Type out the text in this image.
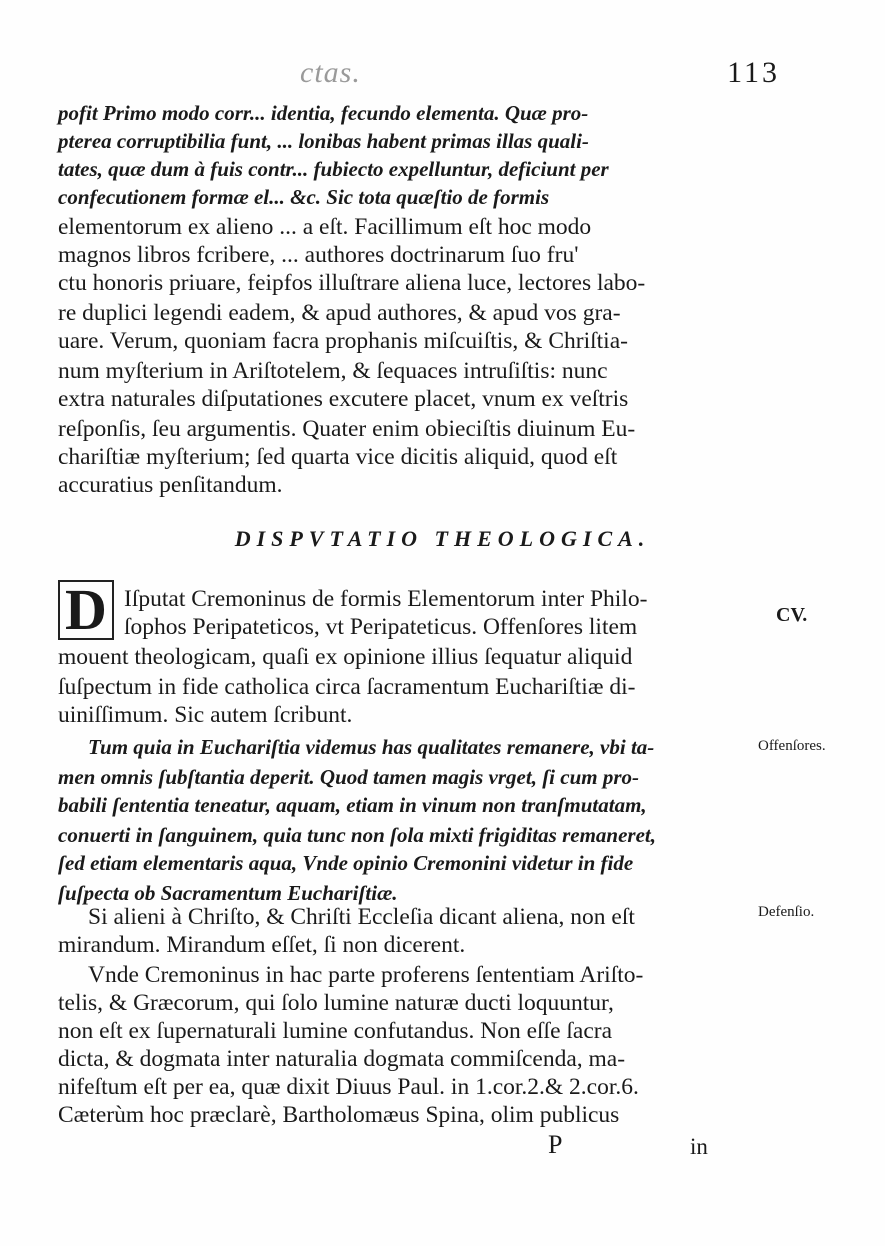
ctas.	113
pofit Primo modo corr... identia, fecundo elementa. Quæ pro-
pterea corruptibilia funt, ... lonibas habent primas illas quali-
tates, quæ dum à fuis contr... fubiecto expelluntur, deficiunt per
confecutionem formæ el... &c. Sic tota quæſtio de formis
elementorum ex alieno ... a eſt. Facillimum eſt hoc modo
magnos libros fcribere, ... authores doctrinarum ſuo fru'
ctu honoris priuare, feipfos illuſtrare aliena luce, lectores labo-
re duplici legendi eadem, & apud authores, & apud vos gra-
uare. Verum, quoniam facra prophanis miſcuiſtis, & Chriſtia-
num myſterium in Ariſtotelem, & ſequaces intruſiſtis: nunc
extra naturales diſputationes excutere placet, vnum ex veſtris
reſponſis, ſeu argumentis. Quater enim obieciſtis diuinum Eu-
chariſtiæ myſterium; ſed quarta vice dicitis aliquid, quod eſt
accuratius penſitandum.
DISPVTATIO THEOLOGICA.
D Iſputat Cremoninus de formis Elementorum inter Philo-
ſophos Peripateticos, vt Peripateticus. Offenſores litem
mouent theologicam, quaſi ex opinione illius ſequatur aliquid
ſuſpectum in fide catholica circa ſacramentum Euchariſtiæ di-
uiniſſimum. Sic autem ſcribunt.
Tum quia in Euchariſtia videmus has qualitates remanere, vbi ta-
men omnis ſubſtantia deperit. Quod tamen magis vrget, ſi cum pro-
babili ſententia teneatur, aquam, etiam in vinum non tranſmutatam,
conuerti in ſanguinem, quia tunc non ſola mixti frigiditas remaneret,
ſed etiam elementaris aqua, Vnde opinio Cremonini videtur in fide
ſuſpecta ob Sacramentum Euchariſtiæ.
Si alieni à Chriſto, & Chriſti Eccleſia dicant aliena, non eſt
mirandum. Mirandum eſſet, ſi non dicerent.
Vnde Cremoninus in hac parte proferens ſententiam Ariſto-
telis, & Græcorum, qui ſolo lumine naturæ ducti loquuntur,
non eſt ex ſupernaturali lumine confutandus. Non eſſe ſacra
dicta, & dogmata inter naturalia dogmata commiſcenda, ma-
nifeſtum eſt per ea, quæ dixit Diuus Paul. in 1.cor.2.& 2.cor.6.
Cæterùm hoc præclarè, Bartholomæus Spina, olim publicus
CV.
Offenſores.
Defenſio.
P	in
